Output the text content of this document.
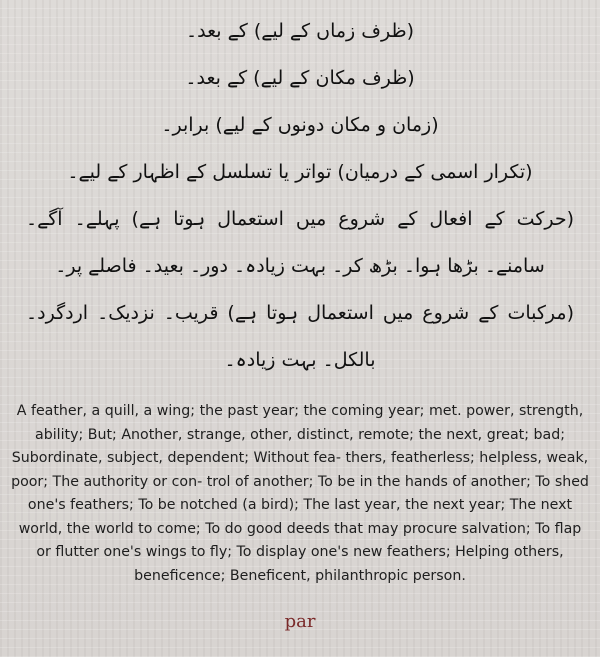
(ظرف زماں کے لیے) کے بعد۔
(ظرف مکان کے لیے) کے بعد۔
(زمان و مکان دونوں کے لیے) برابر۔
(تکرار اسمی کے درمیان) تواتر یا تسلسل کے اظہار کے لیے۔
(حرکت کے افعال کے شروع میں استعمال ہوتا ہے) پہلے۔ آگے۔ سامنے۔ بڑھا ہوا۔ بڑھ کر۔ بہت زیادہ۔ دور۔ بعید۔ فاصلے پر۔
(مرکبات کے شروع میں استعمال ہوتا ہے) قریب۔ نزدیک۔ اردگرد۔ بالکل۔ بہت زیادہ۔
A feather, a quill, a wing; the past year; the coming year; met. power, strength, ability; But; Another, strange, other, distinct, remote; the next, great; bad; Subordinate, subject, dependent; Without fea- thers, featherless; helpless, weak, poor; The authority or con- trol of another; To be in the hands of another; To shed one's feathers; To be notched (a bird); The last year, the next year; The next world, the world to come; To do good deeds that may procure salvation; To flap or flutter one's wings to fly; To display one's new feathers; Helping others, beneficence; Beneficent, philanthropic person.
par
